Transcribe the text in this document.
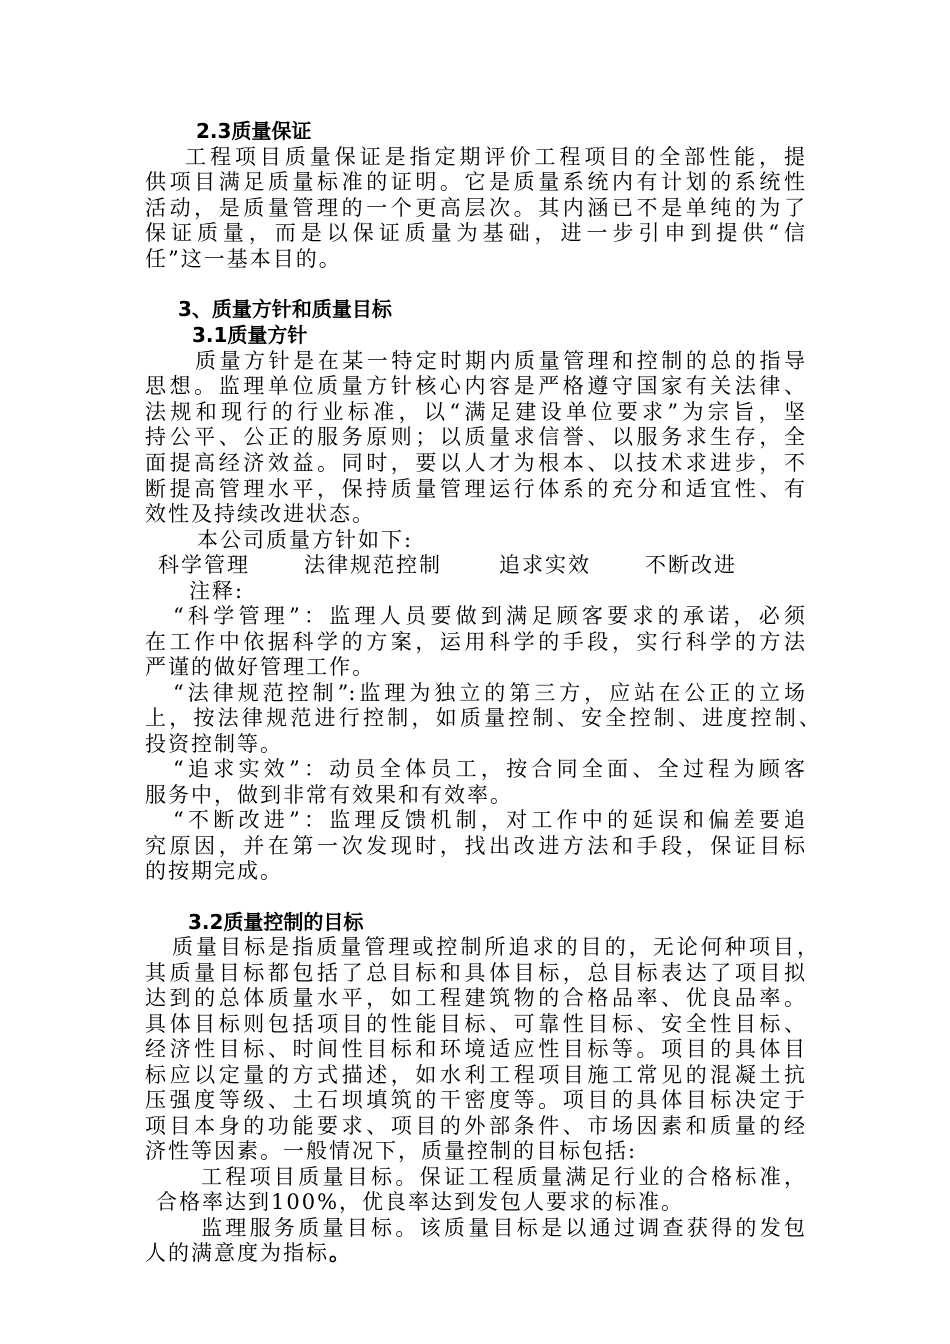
2.3质量保证
工程项目质量保证是指定期评价工程项目的全部性能，提
供项目满足质量标准的证明。它是质量系统内有计划的系统性
活动，是质量管理的一个更高层次。其内涵已不是单纯的为了
保证质量，而是以保证质量为基础，进一步引申到提供“信
任”这一基本目的。
3、质量方针和质量目标
3.1质量方针
质量方针是在某一特定时期内质量管理和控制的总的指导
思想。监理单位质量方针核心内容是严格遵守国家有关法律、
法规和现行的行业标准，以“满足建设单位要求”为宗旨，坚
持公平、公正的服务原则；以质量求信誉、以服务求生存，全
面提高经济效益。同时，要以人才为根本、以技术求进步，不
断提高管理水平，保持质量管理运行体系的充分和适宜性、有
效性及持续改进状态。
本公司质量方针如下:
科学管理	法律规范控制	追求实效	不断改进
注释:
“科学管理”：监理人员要做到满足顾客要求的承诺，必须
在工作中依据科学的方案，运用科学的手段，实行科学的方法
严谨的做好管理工作。
“法律规范控制”:监理为独立的第三方，应站在公正的立场
上，按法律规范进行控制，如质量控制、安全控制、进度控制、
投资控制等。
“追求实效”：动员全体员工，按合同全面、全过程为顾客
服务中，做到非常有效果和有效率。
“不断改进”：监理反馈机制，对工作中的延误和偏差要追
究原因，并在第一次发现时，找出改进方法和手段，保证目标
的按期完成。
3.2质量控制的目标
质量目标是指质量管理或控制所追求的目的，无论何种项目，
其质量目标都包括了总目标和具体目标，总目标表达了项目拟
达到的总体质量水平，如工程建筑物的合格品率、优良品率。
具体目标则包括项目的性能目标、可靠性目标、安全性目标、
经济性目标、时间性目标和环境适应性目标等。项目的具体目
标应以定量的方式描述，如水利工程项目施工常见的混凝土抗
压强度等级、土石坝填筑的干密度等。项目的具体目标决定于
项目本身的功能要求、项目的外部条件、市场因素和质量的经
济性等因素。一般情况下，质量控制的目标包括:
工程项目质量目标。保证工程质量满足行业的合格标准，
合格率达到100%，优良率达到发包人要求的标准。
监理服务质量目标。该质量目标是以通过调查获得的发包
人的满意度为指标。
